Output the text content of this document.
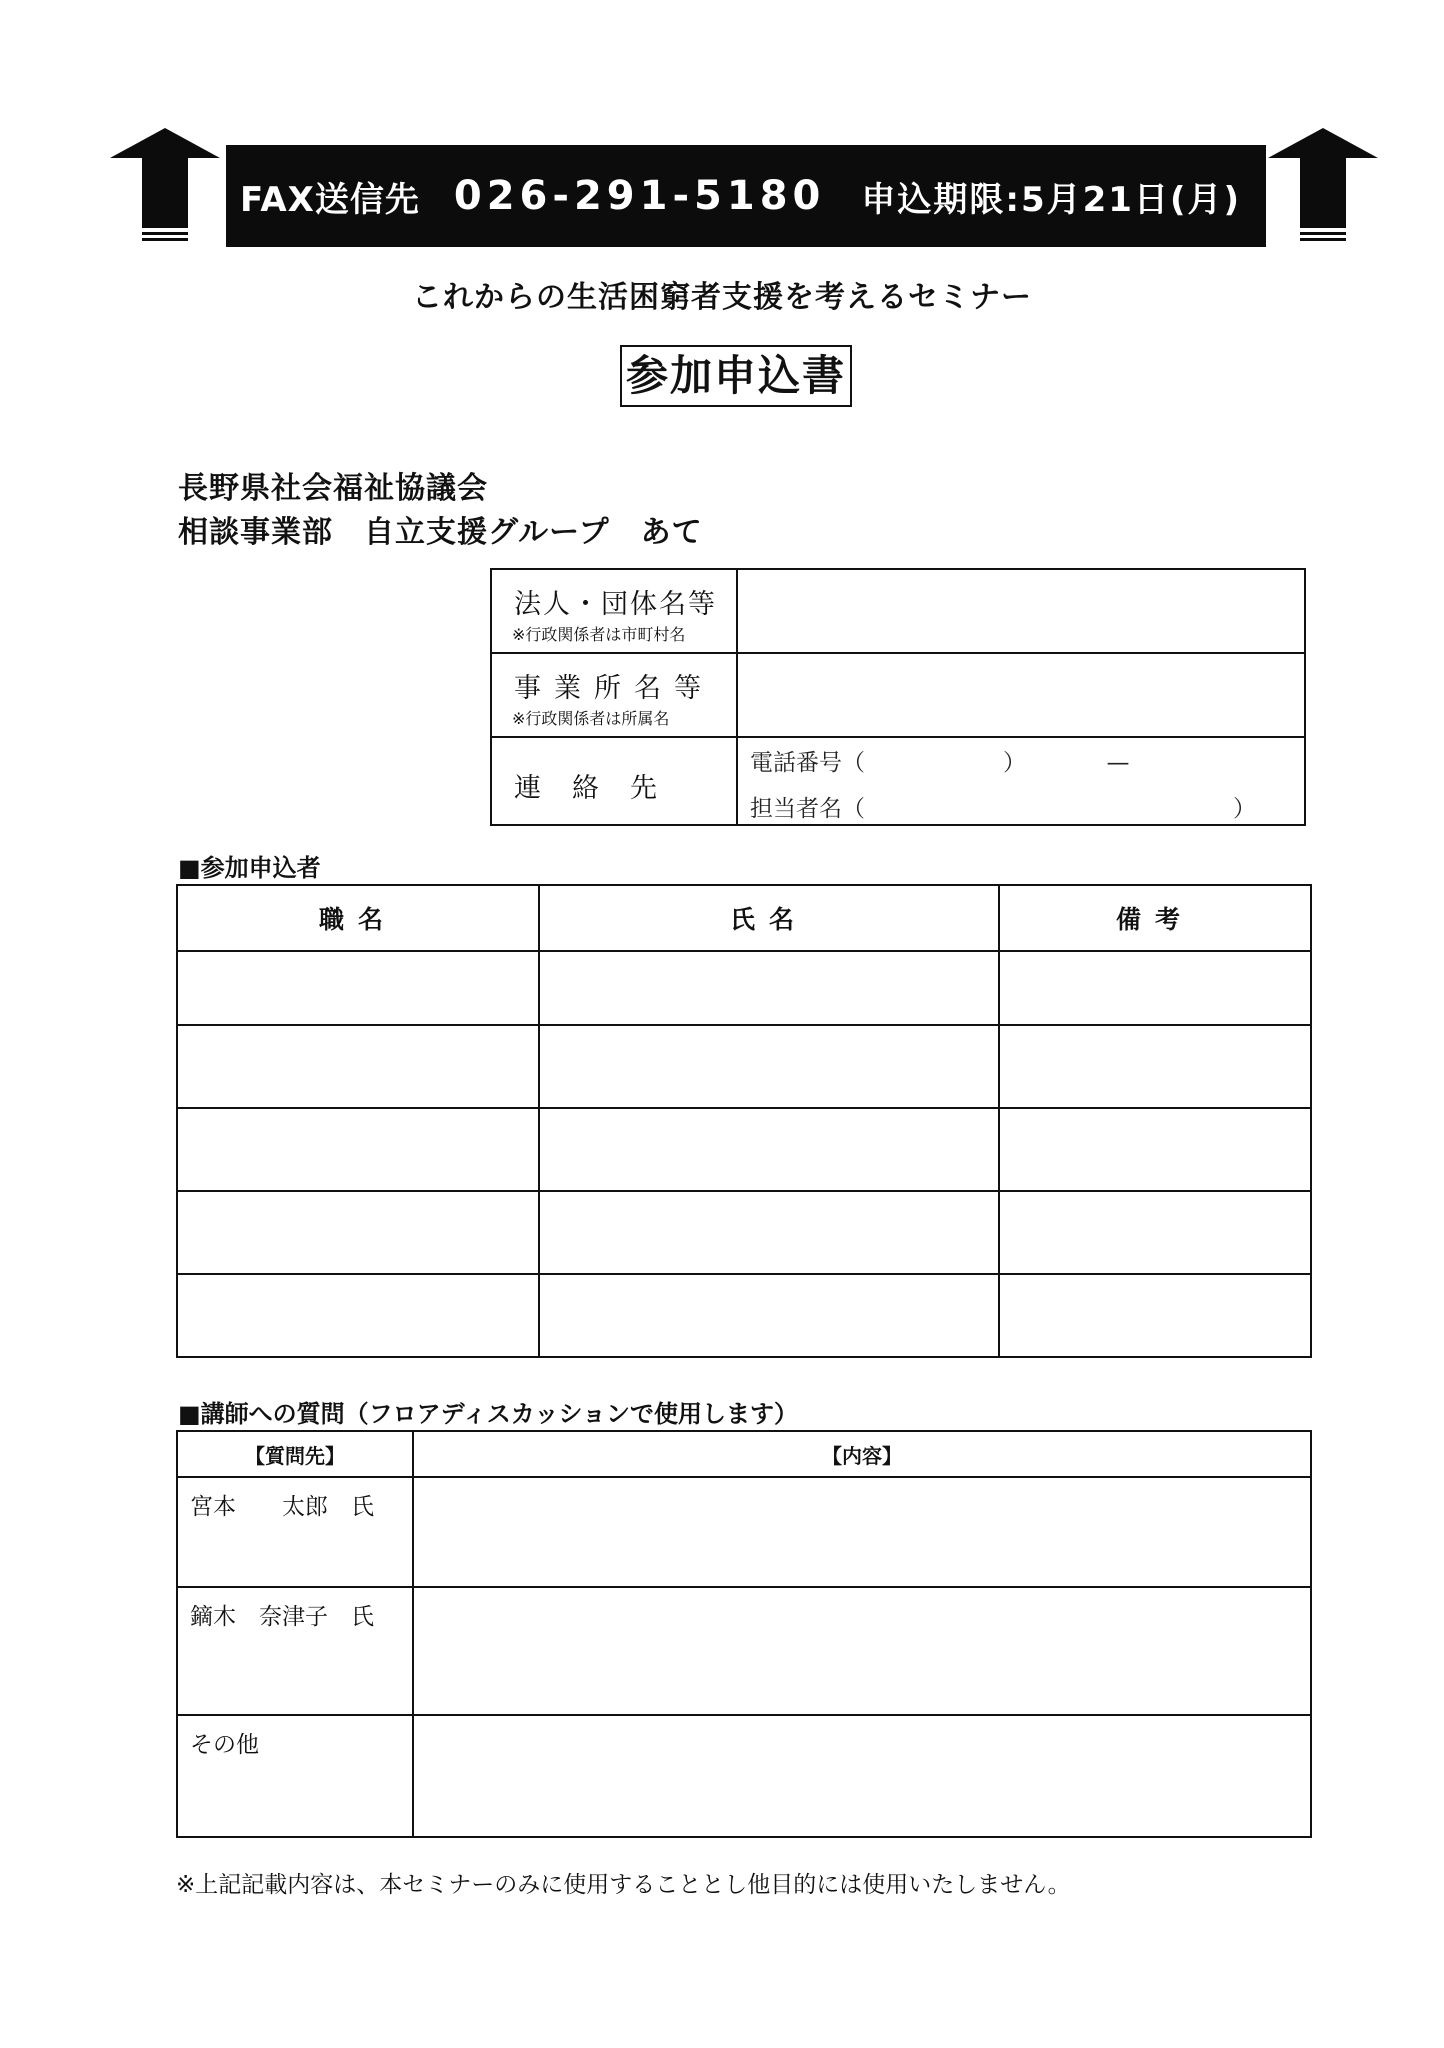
FAX送信先 026-291-5180 申込期限:5月21日(月)
これからの生活困窮者支援を考えるセミナー
参加申込書
長野県社会福祉協議会
相談事業部　自立支援グループ　あて
法人・団体名等
※行政関係者は市町村名
事業所名等
※行政関係者は所属名
連　絡　先
電話番号（　　　　　　）　　　　—
担当者名（　　　　　　　　　　　　　　　　）
■参加申込者
職名	氏名	備考

■講師への質問（フロアディスカッションで使用します）
【質問先】	【内容】
宮本　　太郎　氏	
鏑木　奈津子　氏	
その他	
※上記記載内容は、本セミナーのみに使用することとし他目的には使用いたしません。
